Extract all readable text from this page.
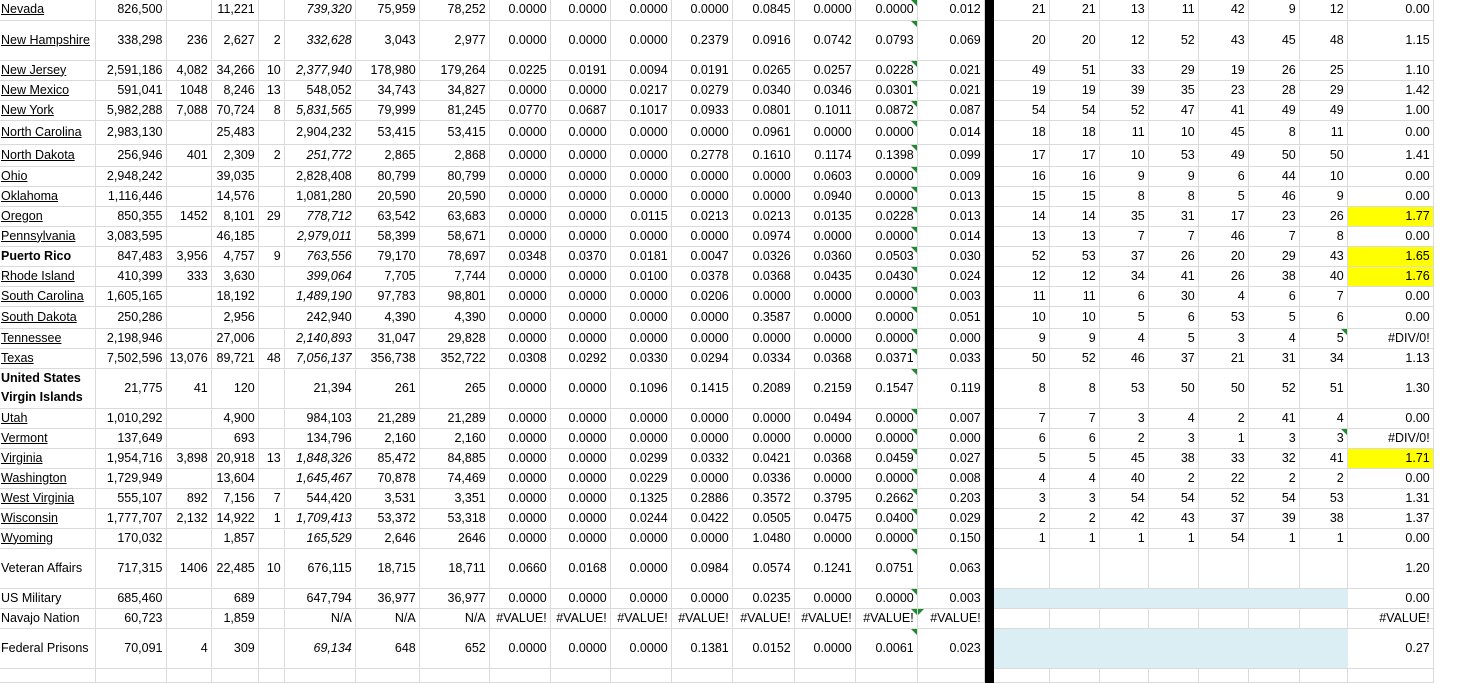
Nevada	826,500		11,221		739,320	75,959	78,252	0.0000	0.0000	0.0000	0.0000	0.0845	0.0000	0.0000	0.012		21	21	13	11	42	9	12	0.00
New Hampshire	338,298	236	2,627	2	332,628	3,043	2,977	0.0000	0.0000	0.0000	0.2379	0.0916	0.0742	0.0793	0.069		20	20	12	52	43	45	48	1.15
New Jersey	2,591,186	4,082	34,266	10	2,377,940	178,980	179,264	0.0225	0.0191	0.0094	0.0191	0.0265	0.0257	0.0228	0.021		49	51	33	29	19	26	25	1.10
New Mexico	591,041	1048	8,246	13	548,052	34,743	34,827	0.0000	0.0000	0.0217	0.0279	0.0340	0.0346	0.0301	0.021		19	19	39	35	23	28	29	1.42
New York	5,982,288	7,088	70,724	8	5,831,565	79,999	81,245	0.0770	0.0687	0.1017	0.0933	0.0801	0.1011	0.0872	0.087		54	54	52	47	41	49	49	1.00
North Carolina	2,983,130		25,483		2,904,232	53,415	53,415	0.0000	0.0000	0.0000	0.0000	0.0961	0.0000	0.0000	0.014		18	18	11	10	45	8	11	0.00
North Dakota	256,946	401	2,309	2	251,772	2,865	2,868	0.0000	0.0000	0.0000	0.2778	0.1610	0.1174	0.1398	0.099		17	17	10	53	49	50	50	1.41
Ohio	2,948,242		39,035		2,828,408	80,799	80,799	0.0000	0.0000	0.0000	0.0000	0.0000	0.0603	0.0000	0.009		16	16	9	9	6	44	10	0.00
Oklahoma	1,116,446		14,576		1,081,280	20,590	20,590	0.0000	0.0000	0.0000	0.0000	0.0000	0.0940	0.0000	0.013		15	15	8	8	5	46	9	0.00
Oregon	850,355	1452	8,101	29	778,712	63,542	63,683	0.0000	0.0000	0.0115	0.0213	0.0213	0.0135	0.0228	0.013		14	14	35	31	17	23	26	1.77
Pennsylvania	3,083,595		46,185		2,979,011	58,399	58,671	0.0000	0.0000	0.0000	0.0000	0.0974	0.0000	0.0000	0.014		13	13	7	7	46	7	8	0.00
Puerto Rico	847,483	3,956	4,757	9	763,556	79,170	78,697	0.0348	0.0370	0.0181	0.0047	0.0326	0.0360	0.0503	0.030		52	53	37	26	20	29	43	1.65
Rhode Island	410,399	333	3,630		399,064	7,705	7,744	0.0000	0.0000	0.0100	0.0378	0.0368	0.0435	0.0430	0.024		12	12	34	41	26	38	40	1.76
South Carolina	1,605,165		18,192		1,489,190	97,783	98,801	0.0000	0.0000	0.0000	0.0206	0.0000	0.0000	0.0000	0.003		11	11	6	30	4	6	7	0.00
South Dakota	250,286		2,956		242,940	4,390	4,390	0.0000	0.0000	0.0000	0.0000	0.3587	0.0000	0.0000	0.051		10	10	5	6	53	5	6	0.00
Tennessee	2,198,946		27,006		2,140,893	31,047	29,828	0.0000	0.0000	0.0000	0.0000	0.0000	0.0000	0.0000	0.000		9	9	4	5	3	4	5	#DIV/0!
Texas	7,502,596	13,076	89,721	48	7,056,137	356,738	352,722	0.0308	0.0292	0.0330	0.0294	0.0334	0.0368	0.0371	0.033		50	52	46	37	21	31	34	1.13
United States Virgin Islands	21,775	41	120		21,394	261	265	0.0000	0.0000	0.1096	0.1415	0.2089	0.2159	0.1547	0.119		8	8	53	50	50	52	51	1.30
Utah	1,010,292		4,900		984,103	21,289	21,289	0.0000	0.0000	0.0000	0.0000	0.0000	0.0494	0.0000	0.007		7	7	3	4	2	41	4	0.00
Vermont	137,649		693		134,796	2,160	2,160	0.0000	0.0000	0.0000	0.0000	0.0000	0.0000	0.0000	0.000		6	6	2	3	1	3	3	#DIV/0!
Virginia	1,954,716	3,898	20,918	13	1,848,326	85,472	84,885	0.0000	0.0000	0.0299	0.0332	0.0421	0.0368	0.0459	0.027		5	5	45	38	33	32	41	1.71
Washington	1,729,949		13,604		1,645,467	70,878	74,469	0.0000	0.0000	0.0229	0.0000	0.0336	0.0000	0.0000	0.008		4	4	40	2	22	2	2	0.00
West Virginia	555,107	892	7,156	7	544,420	3,531	3,351	0.0000	0.0000	0.1325	0.2886	0.3572	0.3795	0.2662	0.203		3	3	54	54	52	54	53	1.31
Wisconsin	1,777,707	2,132	14,922	1	1,709,413	53,372	53,318	0.0000	0.0000	0.0244	0.0422	0.0505	0.0475	0.0400	0.029		2	2	42	43	37	39	38	1.37
Wyoming	170,032		1,857		165,529	2,646	2646	0.0000	0.0000	0.0000	0.0000	1.0480	0.0000	0.0000	0.150		1	1	1	1	54	1	1	0.00
Veteran Affairs	717,315	1406	22,485	10	676,115	18,715	18,711	0.0660	0.0168	0.0000	0.0984	0.0574	0.1241	0.0751	0.063									1.20
US Military	685,460		689		647,794	36,977	36,977	0.0000	0.0000	0.0000	0.0000	0.0235	0.0000	0.0000	0.003									0.00
Navajo Nation	60,723		1,859		N/A	N/A	N/A	#VALUE!	#VALUE!	#VALUE!	#VALUE!	#VALUE!	#VALUE!	#VALUE!	#VALUE!									#VALUE!
Federal Prisons	70,091	4	309		69,134	648	652	0.0000	0.0000	0.0000	0.1381	0.0152	0.0000	0.0061	0.023									0.27
